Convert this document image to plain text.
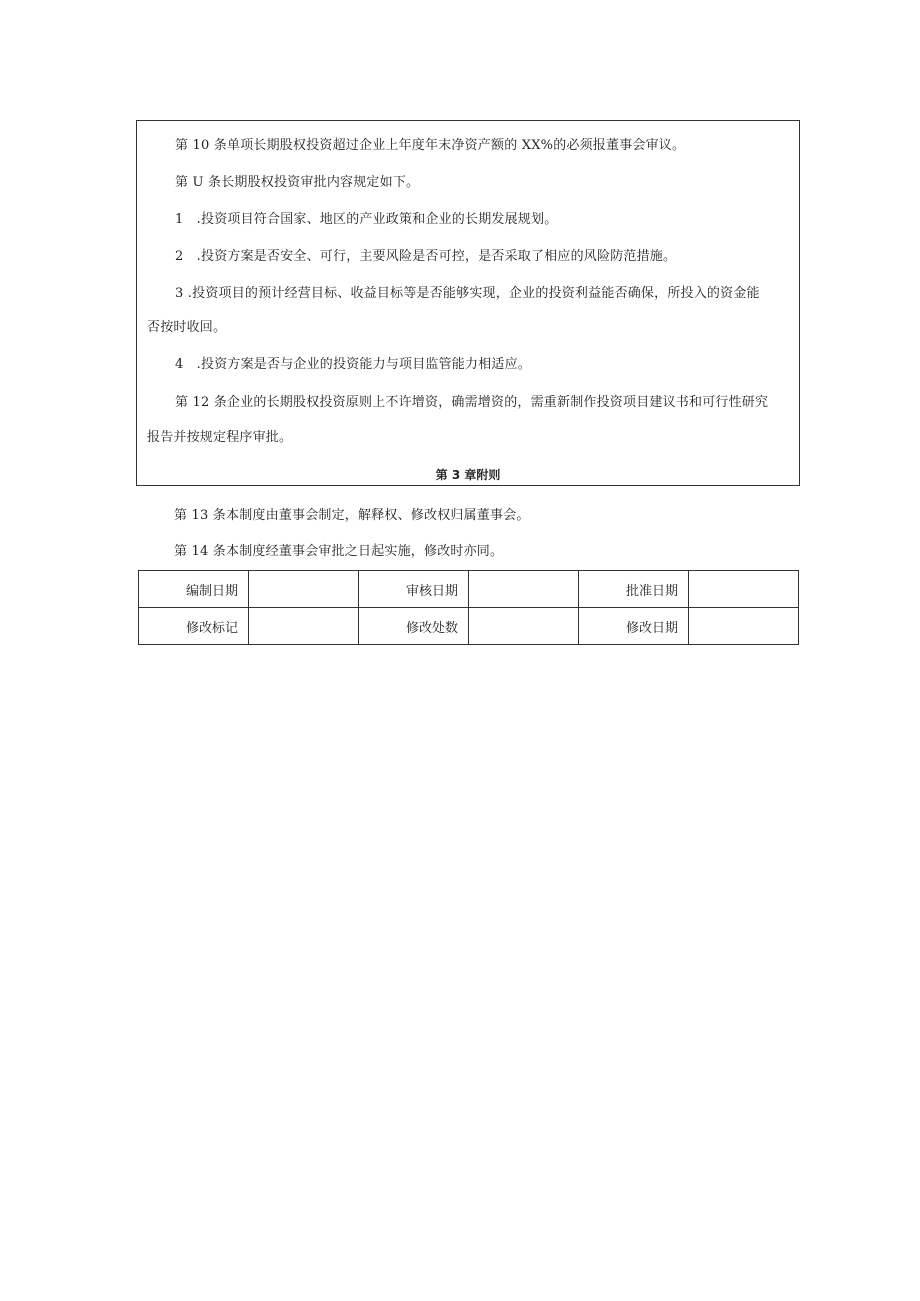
第 10 条单项长期股权投资超过企业上年度年末净资产额的 XX%的必须报董事会审议。
第 U 条长期股权投资审批内容规定如下。
1　.投资项目符合国家、地区的产业政策和企业的长期发展规划。
2　.投资方案是否安全、可行，主要风险是否可控，是否采取了相应的风险防范措施。
3 .投资项目的预计经营目标、收益目标等是否能够实现，企业的投资利益能否确保，所投入的资金能
否按时收回。
4　.投资方案是否与企业的投资能力与项目监管能力相适应。
第 12 条企业的长期股权投资原则上不许增资，确需增资的，需重新制作投资项目建议书和可行性研究
报告并按规定程序审批。
第 3 章附则
第 13 条本制度由董事会制定，解释权、修改权归属董事会。
第 14 条本制度经董事会审批之日起实施，修改时亦同。
编制日期		审核日期		批准日期	
修改标记		修改处数		修改日期	
